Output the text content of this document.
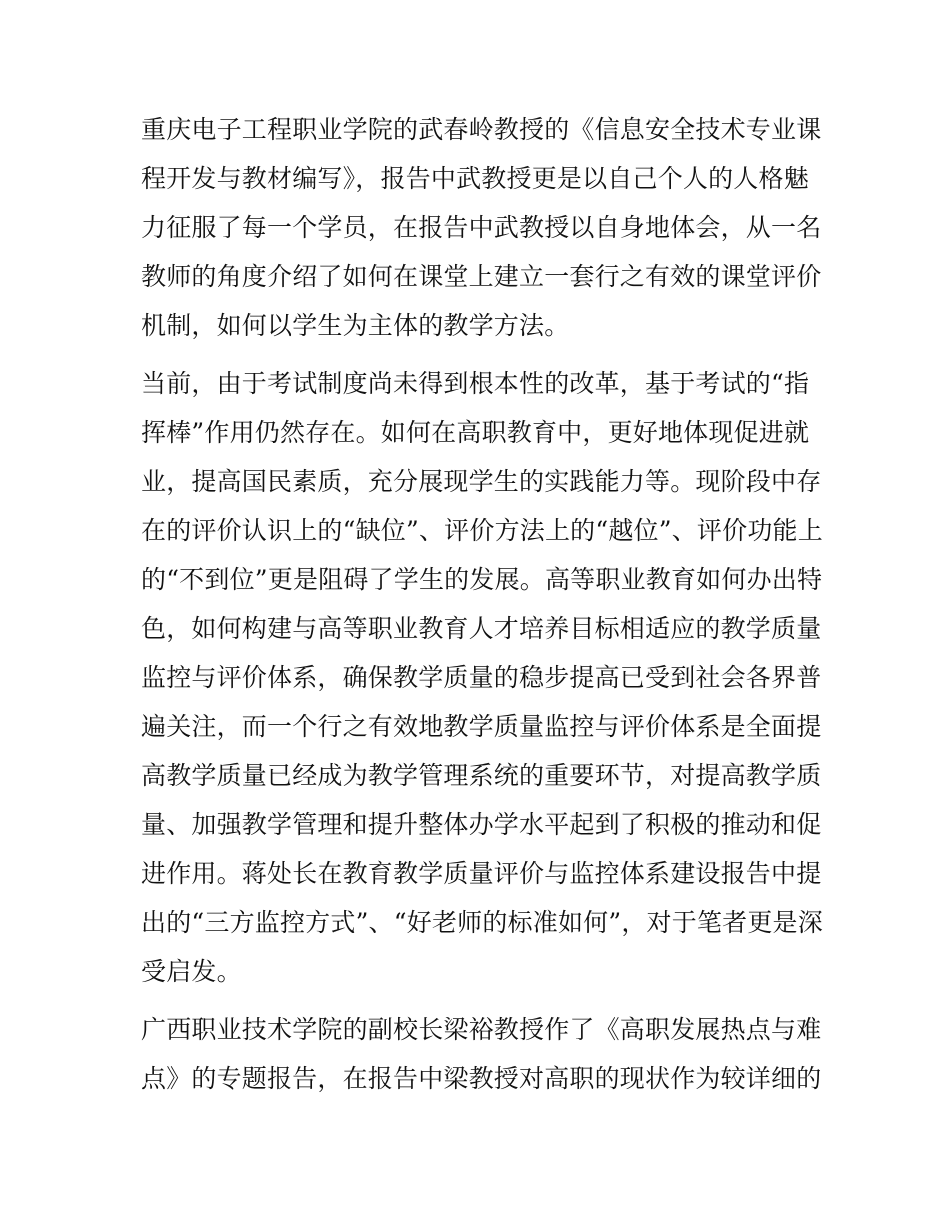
重庆电子工程职业学院的武春岭教授的《信息安全技术专业课
程开发与教材编写》，报告中武教授更是以自己个人的人格魅
力征服了每一个学员，在报告中武教授以自身地体会，从一名
教师的角度介绍了如何在课堂上建立一套行之有效的课堂评价
机制，如何以学生为主体的教学方法。
当前，由于考试制度尚未得到根本性的改革，基于考试的“指
挥棒”作用仍然存在。如何在高职教育中，更好地体现促进就
业，提高国民素质，充分展现学生的实践能力等。现阶段中存
在的评价认识上的“缺位”、评价方法上的“越位”、评价功能上
的“不到位”更是阻碍了学生的发展。高等职业教育如何办出特
色，如何构建与高等职业教育人才培养目标相适应的教学质量
监控与评价体系，确保教学质量的稳步提高已受到社会各界普
遍关注，而一个行之有效地教学质量监控与评价体系是全面提
高教学质量已经成为教学管理系统的重要环节，对提高教学质
量、加强教学管理和提升整体办学水平起到了积极的推动和促
进作用。蒋处长在教育教学质量评价与监控体系建设报告中提
出的“三方监控方式”、“好老师的标准如何”，对于笔者更是深
受启发。
广西职业技术学院的副校长梁裕教授作了《高职发展热点与难
点》的专题报告，在报告中梁教授对高职的现状作为较详细的
